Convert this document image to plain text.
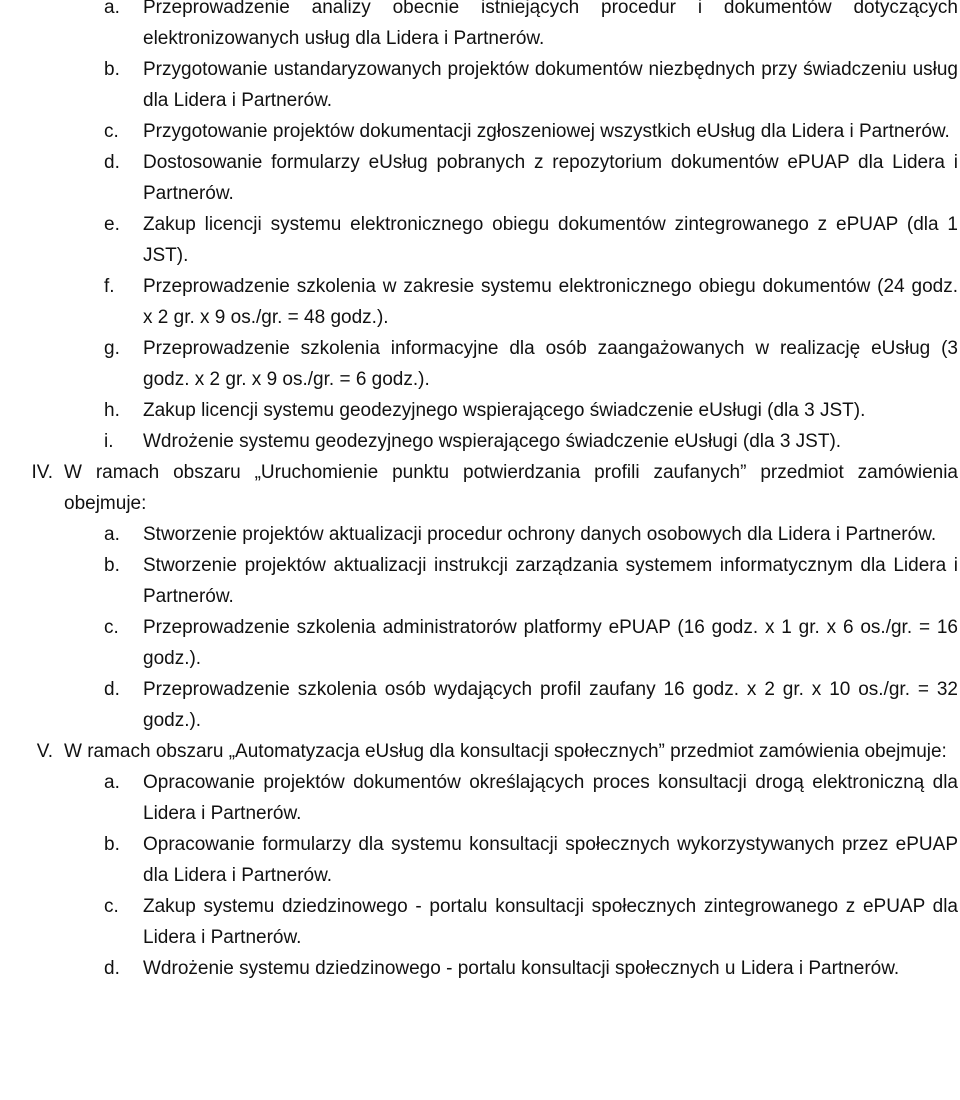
a. Przeprowadzenie analizy obecnie istniejących procedur i dokumentów dotyczących elektronizowanych usług dla Lidera i Partnerów.
b. Przygotowanie ustandaryzowanych projektów dokumentów niezbędnych przy świadczeniu usług dla Lidera i Partnerów.
c. Przygotowanie projektów dokumentacji zgłoszeniowej wszystkich eUsług dla Lidera i Partnerów.
d. Dostosowanie formularzy eUsług pobranych z repozytorium dokumentów ePUAP dla Lidera i Partnerów.
e. Zakup licencji systemu elektronicznego obiegu dokumentów zintegrowanego z ePUAP (dla 1 JST).
f. Przeprowadzenie szkolenia w zakresie systemu elektronicznego obiegu dokumentów (24 godz. x 2 gr. x 9 os./gr. = 48 godz.).
g. Przeprowadzenie szkolenia informacyjne dla osób zaangażowanych w realizację eUsług (3 godz. x 2 gr. x 9 os./gr. = 6 godz.).
h. Zakup licencji systemu geodezyjnego wspierającego świadczenie eUsługi (dla 3 JST).
i. Wdrożenie systemu geodezyjnego wspierającego świadczenie eUsługi (dla 3 JST).
IV. W ramach obszaru „Uruchomienie punktu potwierdzania profili zaufanych” przedmiot zamówienia obejmuje:
a. Stworzenie projektów aktualizacji procedur ochrony danych osobowych dla Lidera i Partnerów.
b. Stworzenie projektów aktualizacji instrukcji zarządzania systemem informatycznym dla Lidera i Partnerów.
c. Przeprowadzenie szkolenia administratorów platformy ePUAP (16 godz. x 1 gr. x 6 os./gr. = 16 godz.).
d. Przeprowadzenie szkolenia osób wydających profil zaufany 16 godz. x 2 gr. x 10 os./gr. = 32 godz.).
V. W ramach obszaru „Automatyzacja eUsług dla konsultacji społecznych” przedmiot zamówienia obejmuje:
a. Opracowanie projektów dokumentów określających proces konsultacji drogą elektroniczną dla Lidera i Partnerów.
b. Opracowanie formularzy dla systemu konsultacji społecznych wykorzystywanych przez ePUAP dla Lidera i Partnerów.
c. Zakup systemu dziedzinowego - portalu konsultacji społecznych zintegrowanego z ePUAP dla Lidera i Partnerów.
d. Wdrożenie systemu dziedzinowego - portalu konsultacji społecznych u Lidera i Partnerów.
